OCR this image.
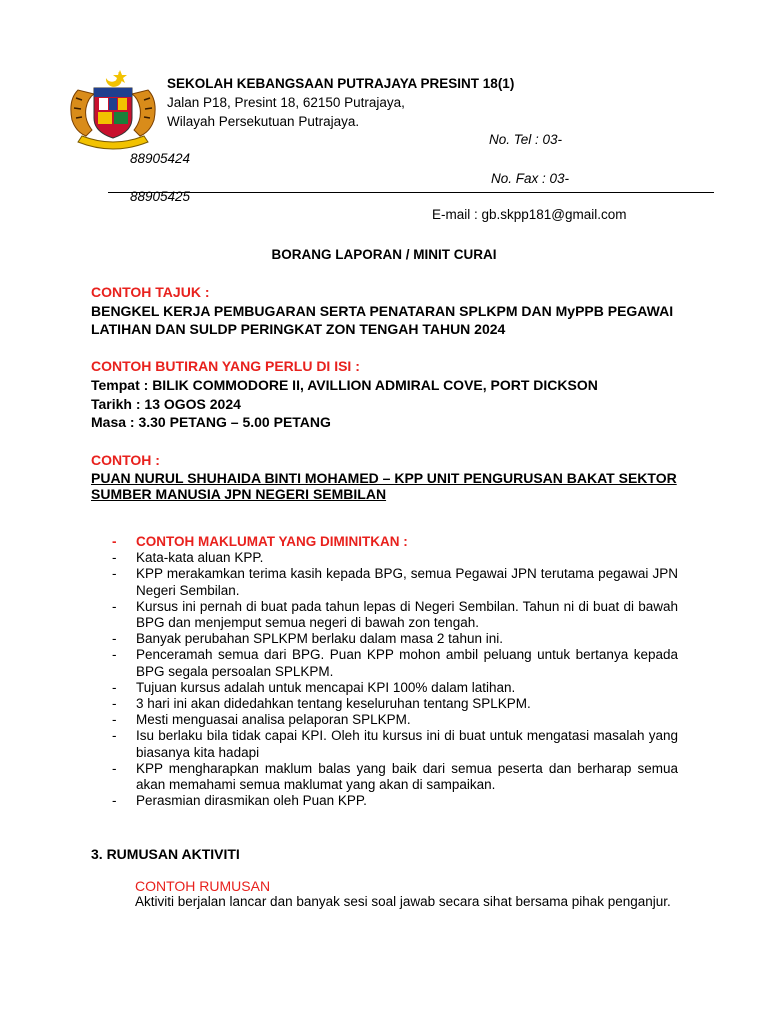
SEKOLAH KEBANGSAAN PUTRAJAYA PRESINT 18(1)
Jalan P18, Presint 18, 62150 Putrajaya,
Wilayah Persekutuan Putrajaya.
No. Tel : 03-
88905424
No. Fax : 03-
88905425
E-mail : gb.skpp181@gmail.com
BORANG LAPORAN / MINIT CURAI
CONTOH TAJUK :
BENGKEL KERJA PEMBUGARAN SERTA PENATARAN SPLKPM DAN MyPPB PEGAWAI
LATIHAN DAN SULDP PERINGKAT ZON TENGAH TAHUN 2024
CONTOH BUTIRAN YANG PERLU DI ISI :
Tempat : BILIK COMMODORE II, AVILLION ADMIRAL COVE, PORT DICKSON
Tarikh : 13 OGOS 2024
Masa : 3.30 PETANG – 5.00 PETANG
CONTOH :
PUAN NURUL SHUHAIDA BINTI MOHAMED – KPP UNIT PENGURUSAN BAKAT SEKTOR
SUMBER MANUSIA JPN NEGERI SEMBILAN
- CONTOH MAKLUMAT YANG DIMINITKAN :
- Kata-kata aluan KPP.
- KPP merakamkan terima kasih kepada BPG, semua Pegawai JPN terutama pegawai JPN Negeri Sembilan.
- Kursus ini pernah di buat pada tahun lepas di Negeri Sembilan. Tahun ni di buat di bawah BPG dan menjemput semua negeri di bawah zon tengah.
- Banyak perubahan SPLKPM berlaku dalam masa 2 tahun ini.
- Penceramah semua dari BPG. Puan KPP mohon ambil peluang untuk bertanya kepada BPG segala persoalan SPLKPM.
- Tujuan kursus adalah untuk mencapai KPI 100% dalam latihan.
- 3 hari ini akan didedahkan tentang keseluruhan tentang SPLKPM.
- Mesti menguasai analisa pelaporan SPLKPM.
- Isu berlaku bila tidak capai KPI. Oleh itu kursus ini di buat untuk mengatasi masalah yang biasanya kita hadapi
- KPP mengharapkan maklum balas yang baik dari semua peserta dan berharap semua akan memahami semua maklumat yang akan di sampaikan.
- Perasmian dirasmikan oleh Puan KPP.
3. RUMUSAN AKTIVITI
CONTOH RUMUSAN
Aktiviti berjalan lancar dan banyak sesi soal jawab secara sihat bersama pihak penganjur.
